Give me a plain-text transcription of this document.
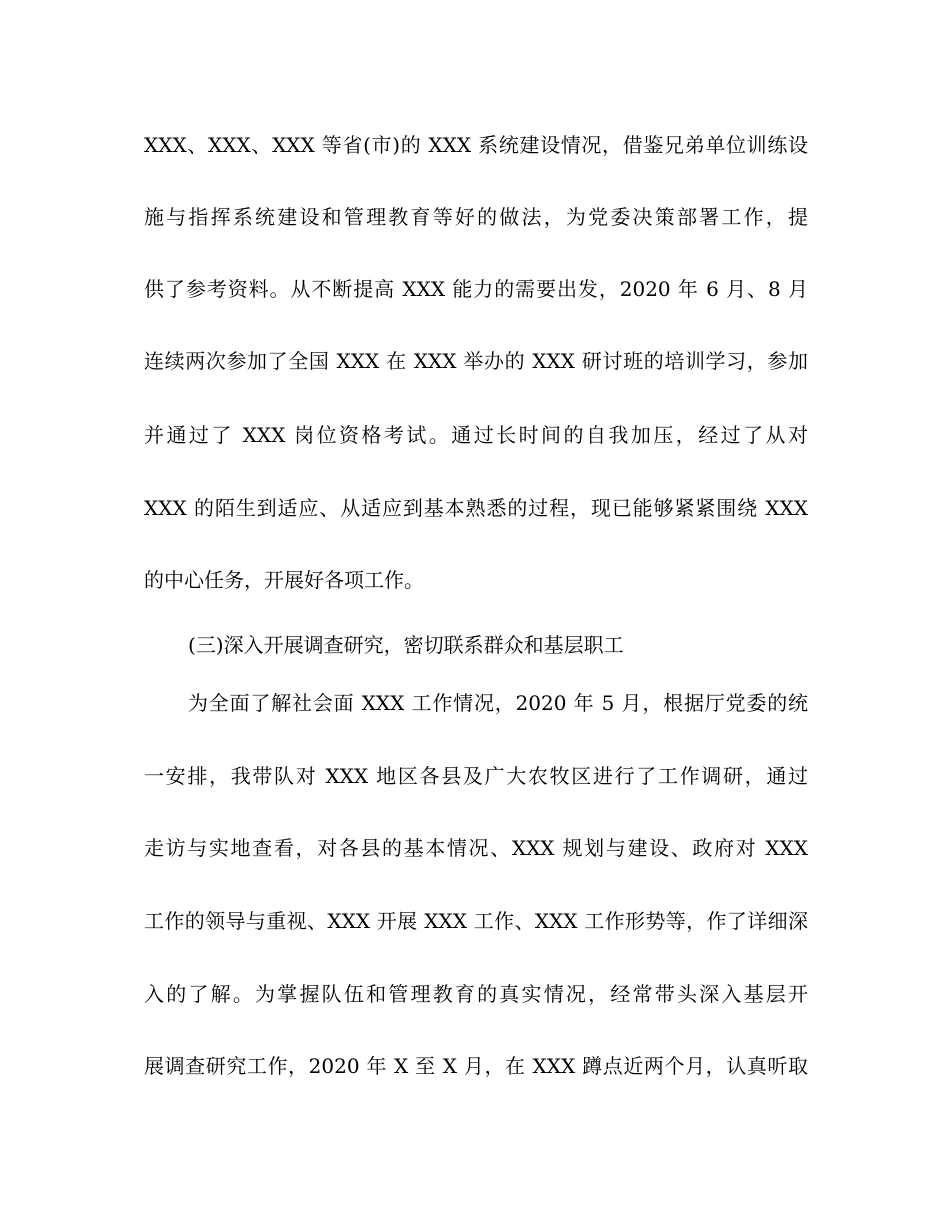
XXX、XXX、XXX 等省(市)的 XXX 系统建设情况，借鉴兄弟单位训练设
施与指挥系统建设和管理教育等好的做法，为党委决策部署工作，提
供了参考资料。从不断提高 XXX 能力的需要出发，2020 年 6 月、8 月
连续两次参加了全国 XXX 在 XXX 举办的 XXX 研讨班的培训学习，参加
并通过了 XXX 岗位资格考试。通过长时间的自我加压，经过了从对
XXX 的陌生到适应、从适应到基本熟悉的过程，现已能够紧紧围绕 XXX
的中心任务，开展好各项工作。
(三)深入开展调查研究，密切联系群众和基层职工
为全面了解社会面 XXX 工作情况，2020 年 5 月，根据厅党委的统
一安排，我带队对 XXX 地区各县及广大农牧区进行了工作调研，通过
走访与实地查看，对各县的基本情况、XXX 规划与建设、政府对 XXX
工作的领导与重视、XXX 开展 XXX 工作、XXX 工作形势等，作了详细深
入的了解。为掌握队伍和管理教育的真实情况，经常带头深入基层开
展调查研究工作，2020 年 X 至 X 月，在 XXX 蹲点近两个月，认真听取
